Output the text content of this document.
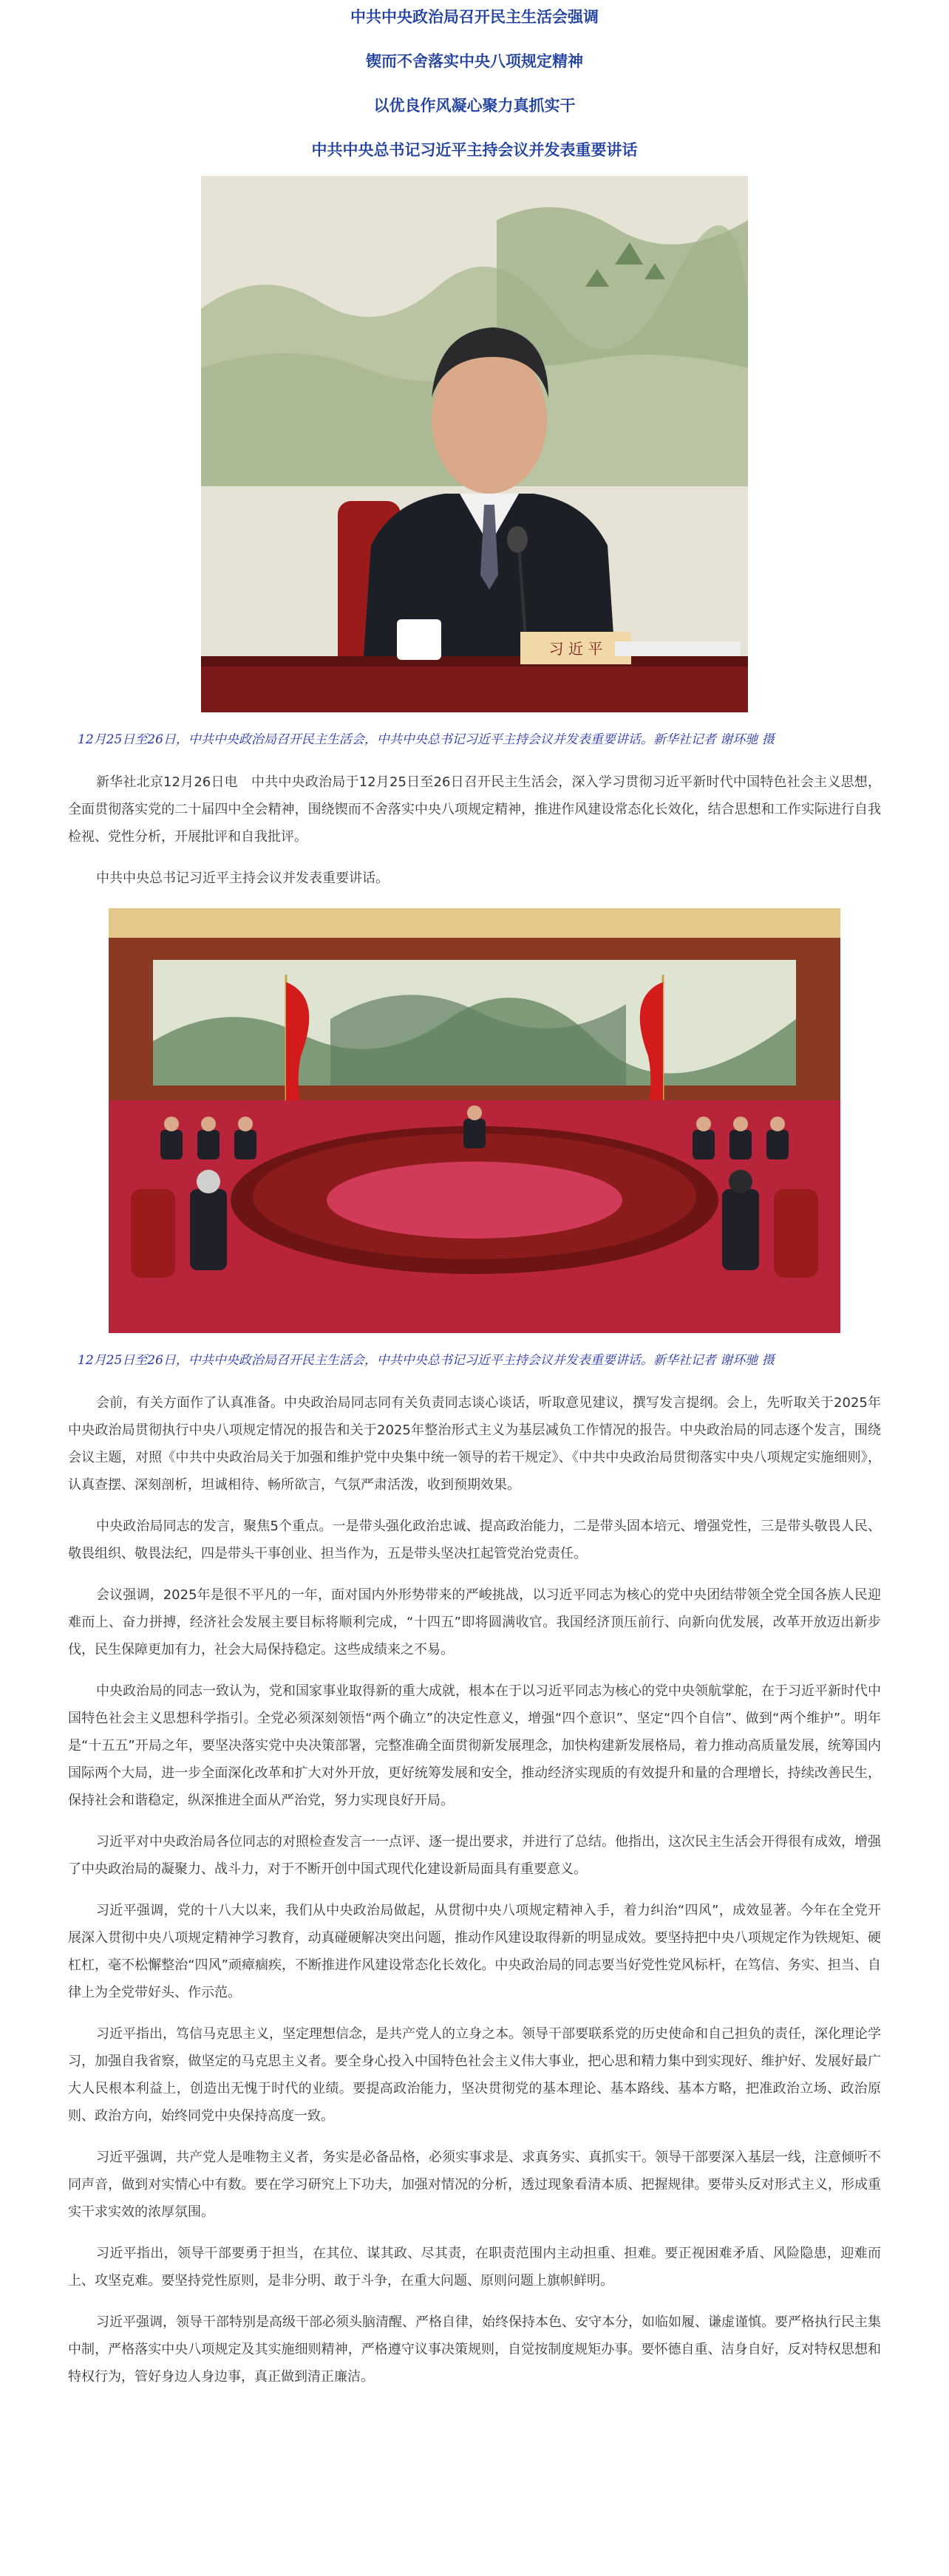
中共中央政治局召开民主生活会强调
锲而不舍落实中央八项规定精神
以优良作风凝心聚力真抓实干
中共中央总书记习近平主持会议并发表重要讲话
习 近 平
12月25日至26日，中共中央政治局召开民主生活会，中共中央总书记习近平主持会议并发表重要讲话。新华社记者 谢环驰 摄
新华社北京12月26日电　中共中央政治局于12月25日至26日召开民主生活会，深入学习贯彻习近平新时代中国特色社会主义思想，全面贯彻落实党的二十届四中全会精神，围绕锲而不舍落实中央八项规定精神，推进作风建设常态化长效化，结合思想和工作实际进行自我检视、党性分析，开展批评和自我批评。
中共中央总书记习近平主持会议并发表重要讲话。
12月25日至26日，中共中央政治局召开民主生活会，中共中央总书记习近平主持会议并发表重要讲话。新华社记者 谢环驰 摄
会前，有关方面作了认真准备。中央政治局同志同有关负责同志谈心谈话，听取意见建议，撰写发言提纲。会上，先听取关于2025年中央政治局贯彻执行中央八项规定情况的报告和关于2025年整治形式主义为基层减负工作情况的报告。中央政治局的同志逐个发言，围绕会议主题，对照《中共中央政治局关于加强和维护党中央集中统一领导的若干规定》、《中共中央政治局贯彻落实中央八项规定实施细则》，认真查摆、深刻剖析，坦诚相待、畅所欲言，气氛严肃活泼，收到预期效果。
中央政治局同志的发言，聚焦5个重点。一是带头强化政治忠诚、提高政治能力，二是带头固本培元、增强党性，三是带头敬畏人民、敬畏组织、敬畏法纪，四是带头干事创业、担当作为，五是带头坚决扛起管党治党责任。
会议强调，2025年是很不平凡的一年，面对国内外形势带来的严峻挑战，以习近平同志为核心的党中央团结带领全党全国各族人民迎难而上、奋力拼搏，经济社会发展主要目标将顺利完成，“十四五”即将圆满收官。我国经济顶压前行、向新向优发展，改革开放迈出新步伐，民生保障更加有力，社会大局保持稳定。这些成绩来之不易。
中央政治局的同志一致认为，党和国家事业取得新的重大成就，根本在于以习近平同志为核心的党中央领航掌舵，在于习近平新时代中国特色社会主义思想科学指引。全党必须深刻领悟“两个确立”的决定性意义，增强“四个意识”、坚定“四个自信”、做到“两个维护”。明年是“十五五”开局之年，要坚决落实党中央决策部署，完整准确全面贯彻新发展理念，加快构建新发展格局，着力推动高质量发展，统筹国内国际两个大局，进一步全面深化改革和扩大对外开放，更好统筹发展和安全，推动经济实现质的有效提升和量的合理增长，持续改善民生，保持社会和谐稳定，纵深推进全面从严治党，努力实现良好开局。
习近平对中央政治局各位同志的对照检查发言一一点评、逐一提出要求，并进行了总结。他指出，这次民主生活会开得很有成效，增强了中央政治局的凝聚力、战斗力，对于不断开创中国式现代化建设新局面具有重要意义。
习近平强调，党的十八大以来，我们从中央政治局做起，从贯彻中央八项规定精神入手，着力纠治“四风”，成效显著。今年在全党开展深入贯彻中央八项规定精神学习教育，动真碰硬解决突出问题，推动作风建设取得新的明显成效。要坚持把中央八项规定作为铁规矩、硬杠杠，毫不松懈整治“四风”顽瘴痼疾，不断推进作风建设常态化长效化。中央政治局的同志要当好党性党风标杆，在笃信、务实、担当、自律上为全党带好头、作示范。
习近平指出，笃信马克思主义，坚定理想信念，是共产党人的立身之本。领导干部要联系党的历史使命和自己担负的责任，深化理论学习，加强自我省察，做坚定的马克思主义者。要全身心投入中国特色社会主义伟大事业，把心思和精力集中到实现好、维护好、发展好最广大人民根本利益上，创造出无愧于时代的业绩。要提高政治能力，坚决贯彻党的基本理论、基本路线、基本方略，把准政治立场、政治原则、政治方向，始终同党中央保持高度一致。
习近平强调，共产党人是唯物主义者，务实是必备品格，必须实事求是、求真务实、真抓实干。领导干部要深入基层一线，注意倾听不同声音，做到对实情心中有数。要在学习研究上下功夫，加强对情况的分析，透过现象看清本质、把握规律。要带头反对形式主义，形成重实干求实效的浓厚氛围。
习近平指出，领导干部要勇于担当，在其位、谋其政、尽其责，在职责范围内主动担重、担难。要正视困难矛盾、风险隐患，迎难而上、攻坚克难。要坚持党性原则，是非分明、敢于斗争，在重大问题、原则问题上旗帜鲜明。
习近平强调，领导干部特别是高级干部必须头脑清醒、严格自律，始终保持本色、安守本分，如临如履、谦虚谨慎。要严格执行民主集中制，严格落实中央八项规定及其实施细则精神，严格遵守议事决策规则，自觉按制度规矩办事。要怀德自重、洁身自好，反对特权思想和特权行为，管好身边人身边事，真正做到清正廉洁。
